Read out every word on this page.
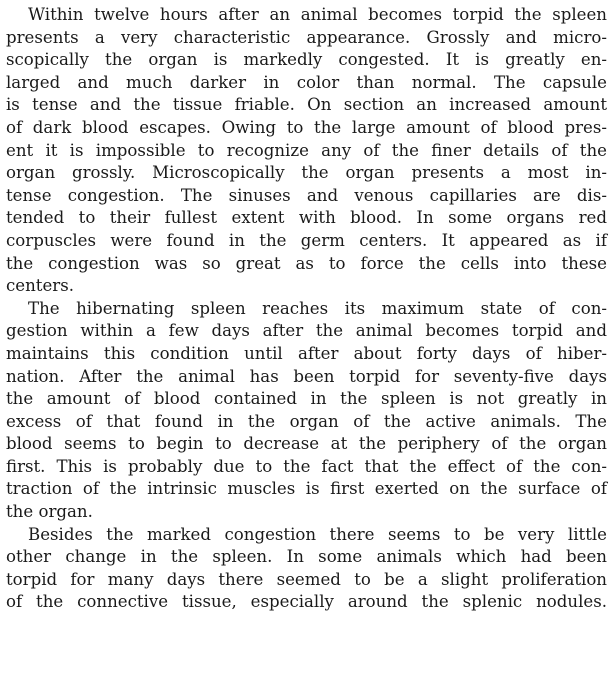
Within twelve hours after an animal becomes torpid the spleen
presents a very characteristic appearance. Grossly and micro-
scopically the organ is markedly congested. It is greatly en-
larged and much darker in color than normal. The capsule
is tense and the tissue friable. On section an increased amount
of dark blood escapes. Owing to the large amount of blood pres-
ent it is impossible to recognize any of the finer details of the
organ grossly. Microscopically the organ presents a most in-
tense congestion. The sinuses and venous capillaries are dis-
tended to their fullest extent with blood. In some organs red
corpuscles were found in the germ centers. It appeared as if
the congestion was so great as to force the cells into these
centers.

The hibernating spleen reaches its maximum state of con-
gestion within a few days after the animal becomes torpid and
maintains this condition until after about forty days of hiber-
nation. After the animal has been torpid for seventy-five days
the amount of blood contained in the spleen is not greatly in
excess of that found in the organ of the active animals. The
blood seems to begin to decrease at the periphery of the organ
first. This is probably due to the fact that the effect of the con-
traction of the intrinsic muscles is first exerted on the surface of
the organ.

Besides the marked congestion there seems to be very little
other change in the spleen. In some animals which had been
torpid for many days there seemed to be a slight proliferation
of the connective tissue, especially around the splenic nodules.
